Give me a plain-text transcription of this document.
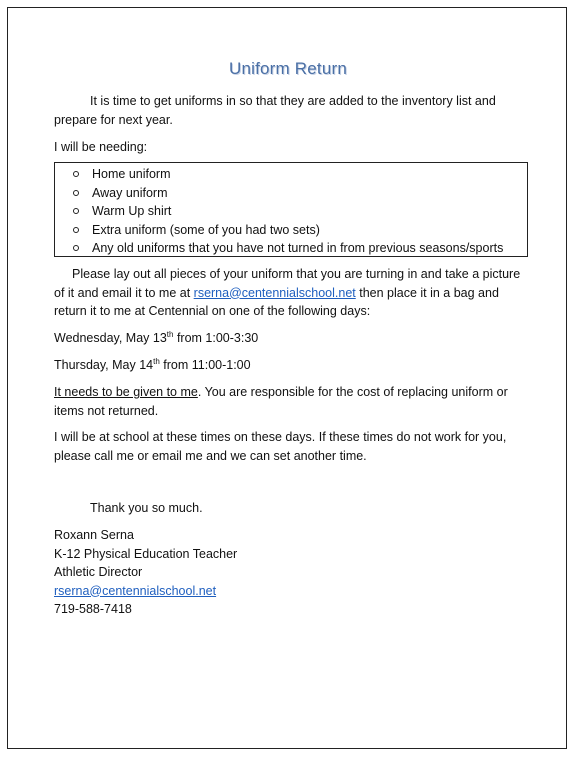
Uniform Return

It is time to get uniforms in so that they are added to the inventory list and prepare for next year.

I will be needing:

Home uniform
Away uniform
Warm Up shirt
Extra uniform (some of you had two sets)
Any old uniforms that you have not turned in from previous seasons/sports

Please lay out all pieces of your uniform that you are turning in and take a picture of it and email it to me at rserna@centennialschool.net then place it in a bag and return it to me at Centennial on one of the following days:

Wednesday, May 13th from 1:00-3:30

Thursday, May 14th from 11:00-1:00

It needs to be given to me. You are responsible for the cost of replacing uniform or items not returned.

I will be at school at these times on these days. If these times do not work for you, please call me or email me and we can set another time.

Thank you so much.

Roxann Serna
K-12 Physical Education Teacher
Athletic Director
rserna@centennialschool.net
719-588-7418
